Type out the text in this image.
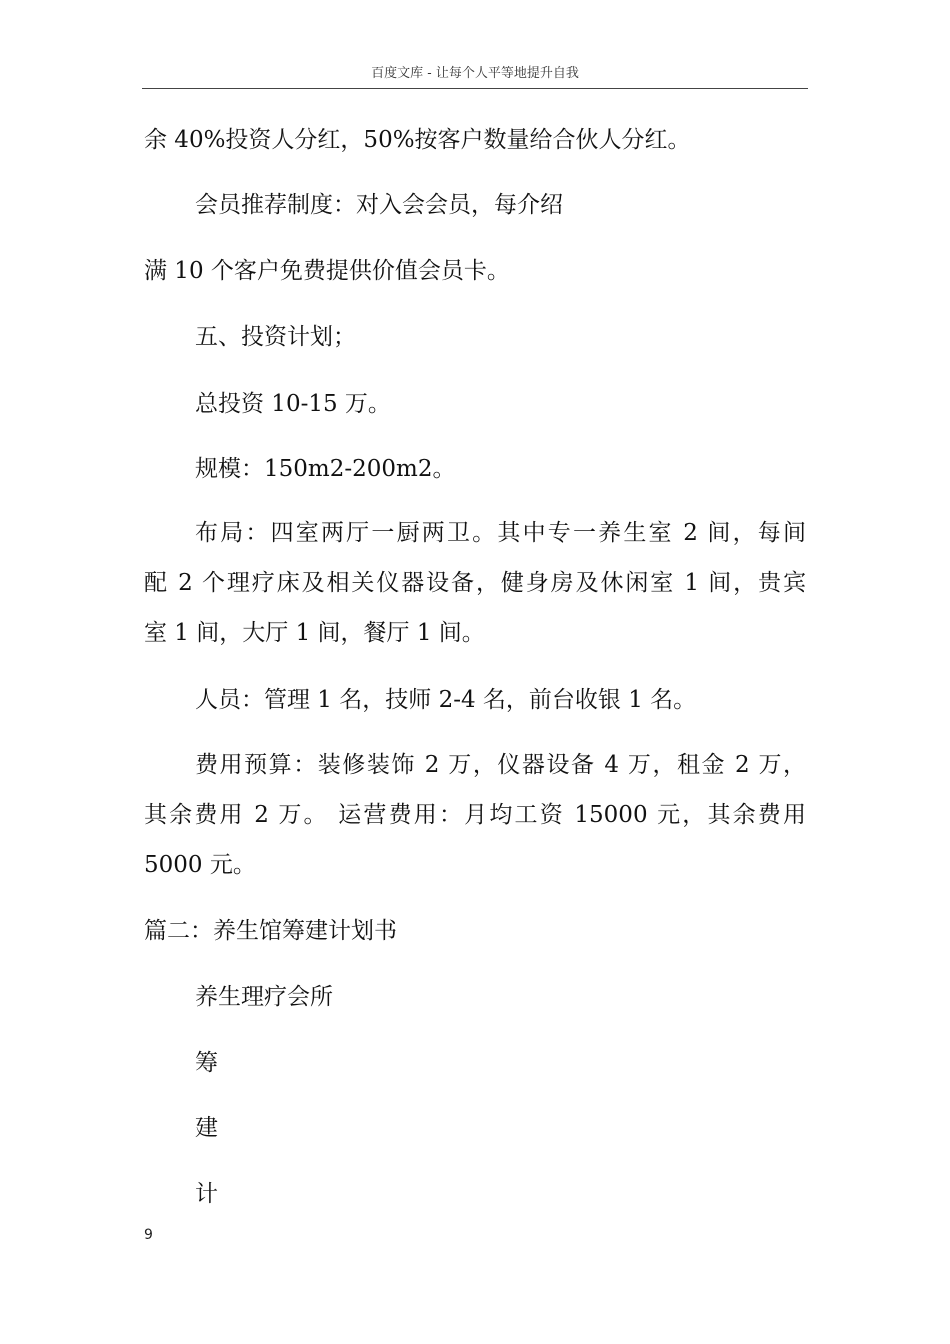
百度文库 - 让每个人平等地提升自我
余 40%投资人分红，50%按客户数量给合伙人分红。
会员推荐制度：对入会会员，每介绍
满 10 个客户免费提供价值会员卡。
五、投资计划；
总投资 10-15 万。
规模：150m2-200m2。
布局：四室两厅一厨两卫。其中专一养生室 2 间，每间
配 2 个理疗床及相关仪器设备，健身房及休闲室 1 间，贵宾
室 1 间，大厅 1 间，餐厅 1 间。
人员：管理 1 名，技师 2-4 名，前台收银 1 名。
费用预算：装修装饰 2 万，仪器设备 4 万，租金 2 万，
其余费用 2 万。 运营费用：月均工资 15000 元，其余费用
5000 元。
篇二：养生馆筹建计划书
养生理疗会所
筹
建
计
9
